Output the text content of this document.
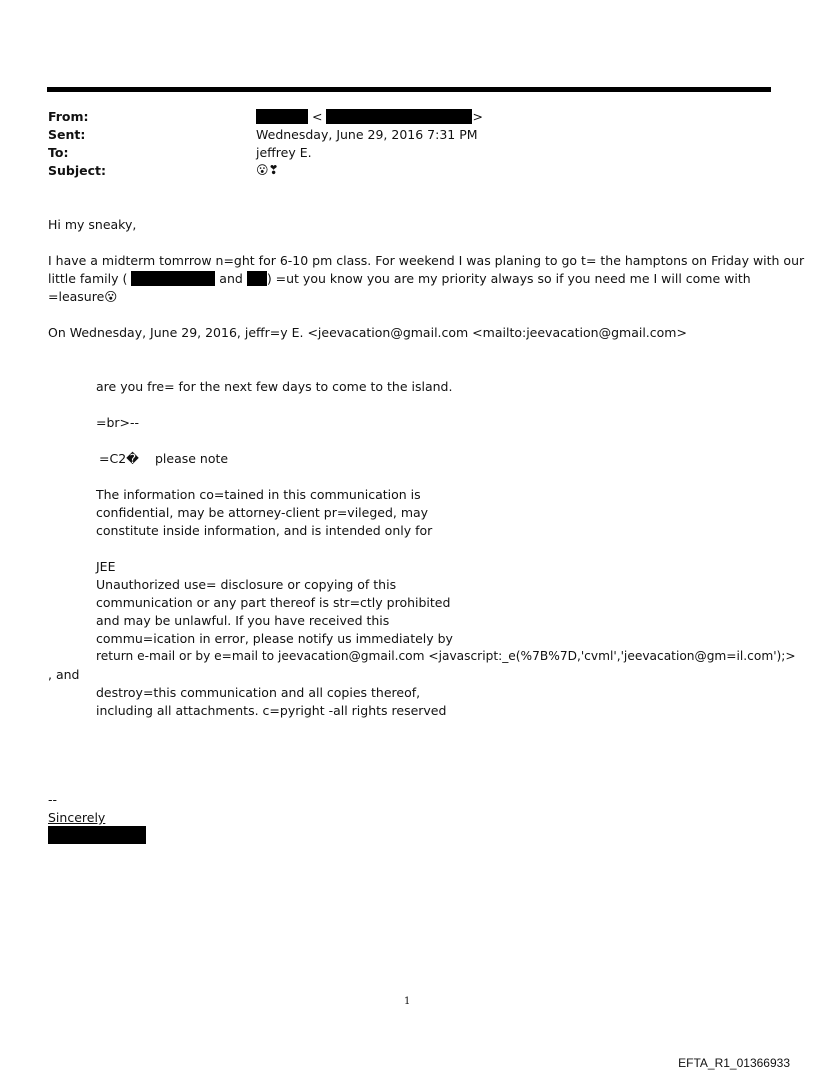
From:	<	>
Sent:	Wednesday, June 29, 2016 7:31 PM
To:	jeffrey E.
Subject:	😮❣
Hi my sneaky,
I have a midterm tomrrow n=ght for 6-10 pm class. For weekend I was planing to go t= the hamptons on Friday with our
little family (	and ) =ut you know you are my priority always so if you need me I will come with
=leasure😮
On Wednesday, June 29, 2016, jeffr=y E. <jeevacation@gmail.com <mailto:jeevacation@gmail.com>
are you fre= for the next few days to come to the island.
=br>--
=C2� please note
The information co=tained in this communication is
confidential, may be attorney-client pr=vileged, may
constitute inside information, and is intended only for
JEE
Unauthorized use= disclosure or copying of this
communication or any part thereof is str=ctly prohibited
and may be unlawful. If you have received this
commu=ication in error, please notify us immediately by
return e-mail or by e=mail to jeevacation@gmail.com <javascript:_e(%7B%7D,'cvml','jeevacation@gm=il.com');>
, and
destroy=this communication and all copies thereof,
including all attachments. c=pyright -all rights reserved
--
Sincerely
1
EFTA_R1_01366933
